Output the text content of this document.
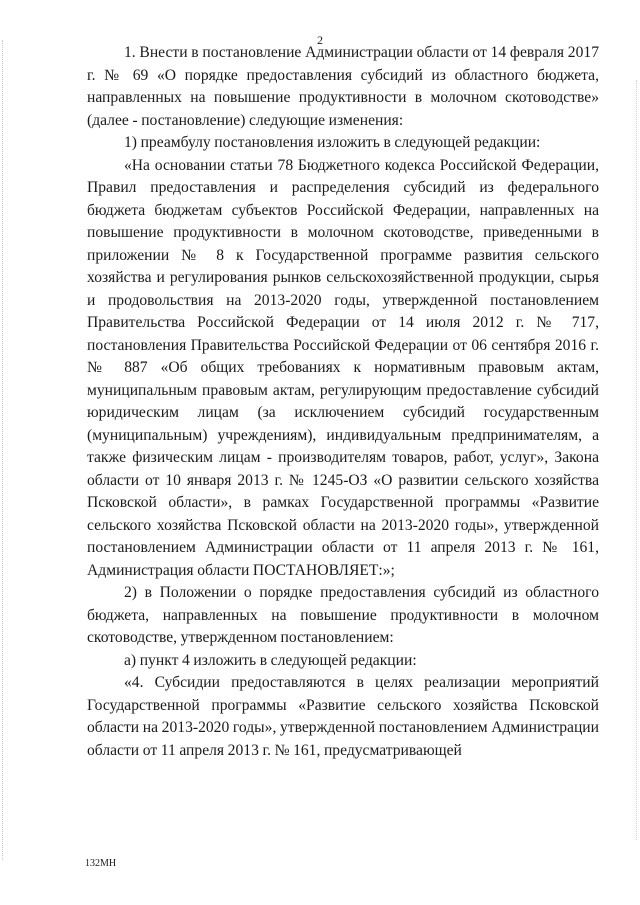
2

1. Внести в постановление Администрации области от 14 февраля 2017 г. № 69 «О порядке предоставления субсидий из областного бюджета, направленных на повышение продуктивности в молочном скотоводстве» (далее - постановление) следующие изменения:

1) преамбулу постановления изложить в следующей редакции:

«На основании статьи 78 Бюджетного кодекса Российской Федерации, Правил предоставления и распределения субсидий из федерального бюджета бюджетам субъектов Российской Федерации, направленных на повышение продуктивности в молочном скотоводстве, приведенными в приложении № 8 к Государственной программе развития сельского хозяйства и регулирования рынков сельскохозяйственной продукции, сырья и продовольствия на 2013-2020 годы, утвержденной постановлением Правительства Российской Федерации от 14 июля 2012 г. № 717, постановления Правительства Российской Федерации от 06 сентября 2016 г. № 887 «Об общих требованиях к нормативным правовым актам, муниципальным правовым актам, регулирующим предоставление субсидий юридическим лицам (за исключением субсидий государственным (муниципальным) учреждениям), индивидуальным предпринимателям, а также физическим лицам - производителям товаров, работ, услуг», Закона области от 10 января 2013 г. № 1245-ОЗ «О развитии сельского хозяйства Псковской области», в рамках Государственной программы «Развитие сельского хозяйства Псковской области на 2013-2020 годы», утвержденной постановлением Администрации области от 11 апреля 2013 г. № 161, Администрация области ПОСТАНОВЛЯЕТ:»;

2) в Положении о порядке предоставления субсидий из областного бюджета, направленных на повышение продуктивности в молочном скотоводстве, утвержденном постановлением:

а) пункт 4 изложить в следующей редакции:

«4. Субсидии предоставляются в целях реализации мероприятий Государственной программы «Развитие сельского хозяйства Псковской области на 2013-2020 годы», утвержденной постановлением Администрации области от 11 апреля 2013 г. № 161, предусматривающей

132MH
